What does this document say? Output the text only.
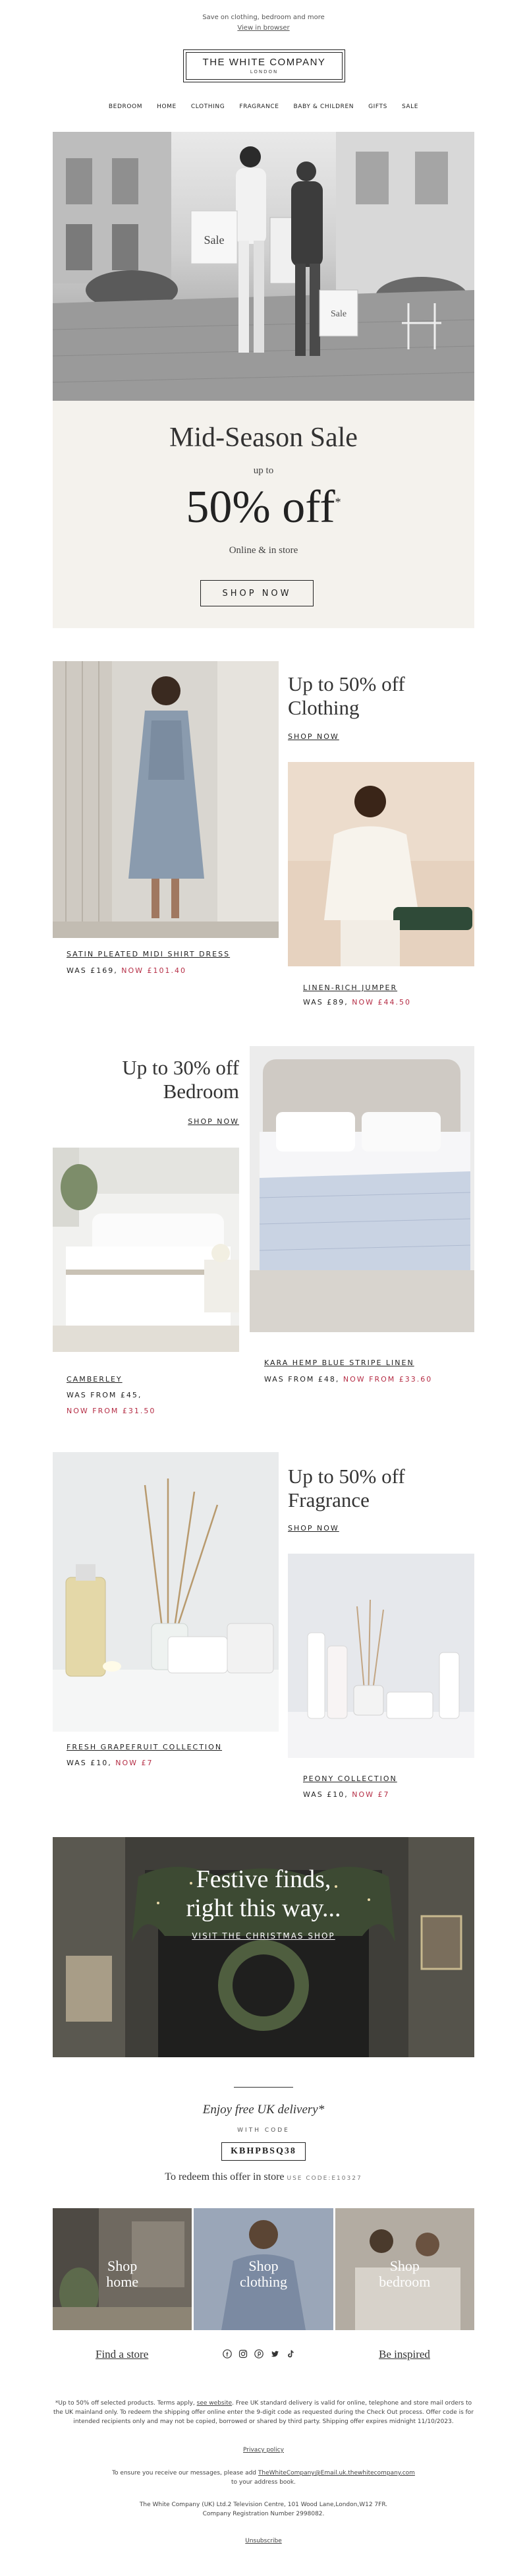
Save on clothing, bedroom and more
View in browser
THE WHITE COMPANY
LONDON
BEDROOM HOME CLOTHING FRAGRANCE BABY & CHILDREN GIFTS SALE
Sale
Sale
Mid-Season Sale
up to
50% off*
Online & in store
SHOP NOW
Up to 50% off
Clothing
SHOP NOW
SATIN PLEATED MIDI SHIRT DRESS
WAS £169, NOW £101.40
LINEN-RICH JUMPER
WAS £89, NOW £44.50
Up to 30% off
Bedroom
SHOP NOW
KARA HEMP BLUE STRIPE LINEN
WAS FROM £48, NOW FROM £33.60
CAMBERLEY
WAS FROM £45,
NOW FROM £31.50
Up to 50% off
Fragrance
SHOP NOW
FRESH GRAPEFRUIT COLLECTION
WAS £10, NOW £7
PEONY COLLECTION
WAS £10, NOW £7
Festive finds,
right this way...
VISIT THE CHRISTMAS SHOP
Enjoy free UK delivery*
WITH CODE
KBHPBSQ38
To redeem this offer in store USE CODE:E10327
Shop
home
Shop
clothing
Shop
bedroom
Find a store	Be inspired
*Up to 50% off selected products. Terms apply, see website. Free UK standard delivery is valid for online, telephone and store mail orders to the UK mainland only. To redeem the shipping offer online enter the 9-digit code as requested during the Check Out process. Offer code is for intended recipients only and may not be copied, borrowed or shared by third party. Shipping offer expires midnight 11/10/2023.
Privacy policy
To ensure you receive our messages, please add TheWhiteCompany@Email.uk.thewhitecompany.com
to your address book.
The White Company (UK) Ltd.2 Television Centre, 101 Wood Lane,London,W12 7FR.
Company Registration Number 2998082.
Unsubscribe
